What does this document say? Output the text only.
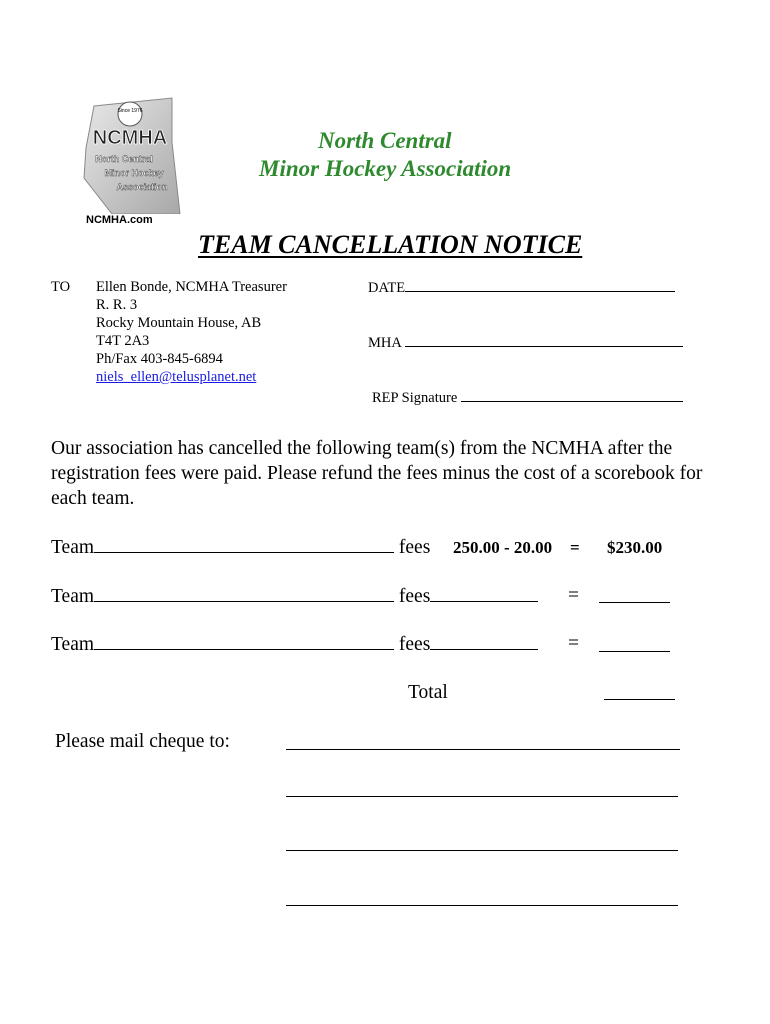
Since 1976
NCMHA
North Central
Minor Hockey
Association
NCMHA.com
North Central
Minor Hockey Association
TEAM CANCELLATION NOTICE
TO Ellen Bonde, NCMHA Treasurer
R. R. 3
Rocky Mountain House, AB
T4T 2A3
Ph/Fax 403-845-6894
niels_ellen@telusplanet.net
DATE
MHA
REP Signature
Our association has cancelled the following team(s) from the NCMHA after the registration fees were paid. Please refund the fees minus the cost of a scorebook for each team.
Team	fees 250.00 - 20.00 = $230.00
Team	fees	=
Team	fees	=
Total
Please mail cheque to:
